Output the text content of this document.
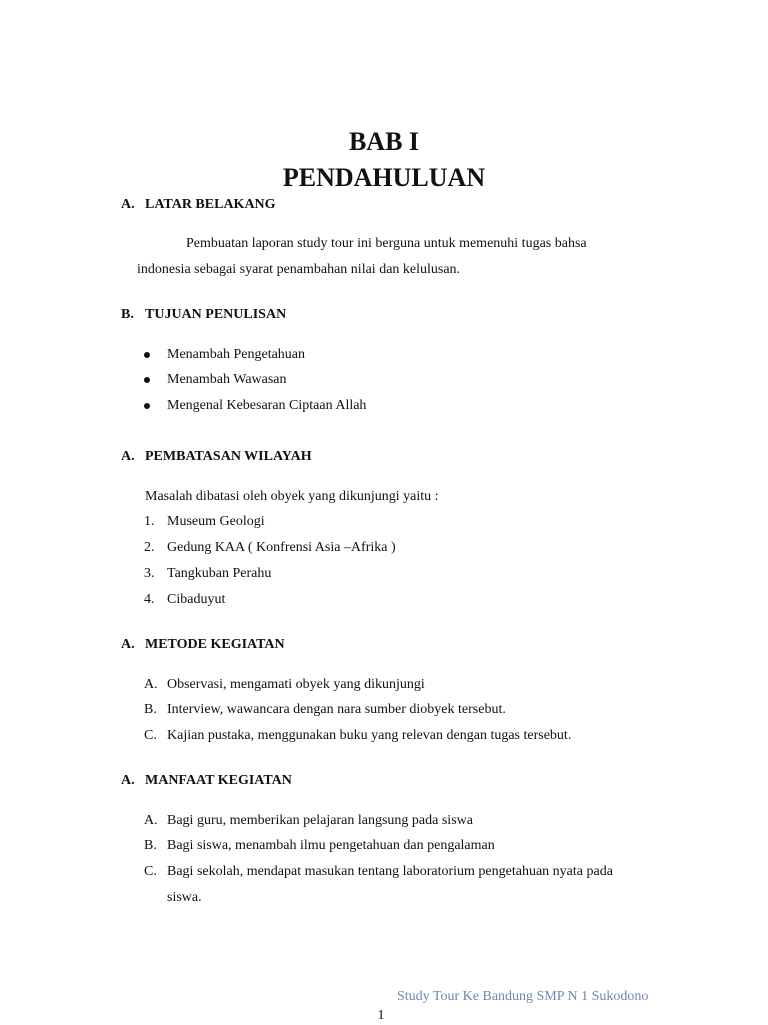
BAB I
PENDAHULUAN
A. LATAR BELAKANG
Pembuatan laporan study tour ini berguna untuk memenuhi tugas bahsa
indonesia sebagai syarat penambahan nilai dan kelulusan.
B. TUJUAN PENULISAN
Menambah Pengetahuan
Menambah Wawasan
Mengenal Kebesaran Ciptaan Allah
A. PEMBATASAN WILAYAH
Masalah dibatasi oleh obyek yang dikunjungi yaitu :
1. Museum Geologi
2. Gedung KAA ( Konfrensi Asia –Afrika )
3. Tangkuban Perahu
4. Cibaduyut
A. METODE KEGIATAN
A. Observasi, mengamati obyek yang dikunjungi
B. Interview, wawancara dengan nara sumber diobyek tersebut.
C. Kajian pustaka, menggunakan buku yang relevan dengan tugas tersebut.
A. MANFAAT KEGIATAN
A. Bagi guru, memberikan pelajaran langsung pada siswa
B. Bagi siswa, menambah ilmu pengetahuan dan pengalaman
C. Bagi sekolah, mendapat masukan tentang laboratorium pengetahuan nyata pada
siswa.
Study Tour Ke Bandung SMP N 1 Sukodono
1
